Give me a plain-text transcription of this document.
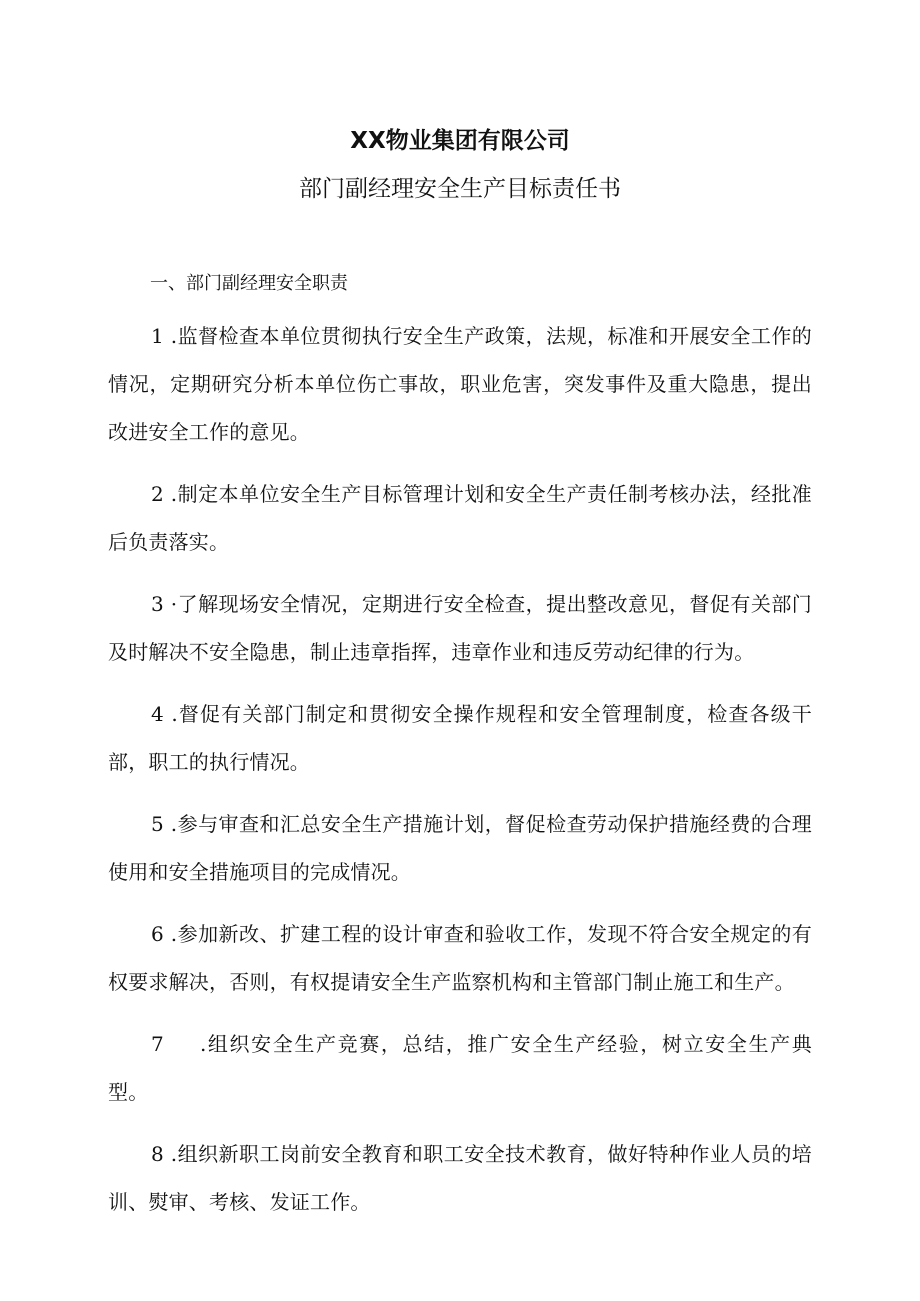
XX物业集团有限公司
部门副经理安全生产目标责任书
一、部门副经理安全职责

1 .监督检查本单位贯彻执行安全生产政策，法规，标准和开展安全工作的情况，定期研究分析本单位伤亡事故，职业危害，突发事件及重大隐患，提出改进安全工作的意见。

2 .制定本单位安全生产目标管理计划和安全生产责任制考核办法，经批准后负责落实。

3 ·了解现场安全情况，定期进行安全检查，提出整改意见，督促有关部门及时解决不安全隐患，制止违章指挥，违章作业和违反劳动纪律的行为。

4 .督促有关部门制定和贯彻安全操作规程和安全管理制度，检查各级干部，职工的执行情况。

5 .参与审查和汇总安全生产措施计划，督促检查劳动保护措施经费的合理使用和安全措施项目的完成情况。

6 .参加新改、扩建工程的设计审查和验收工作，发现不符合安全规定的有权要求解决，否则，有权提请安全生产监察机构和主管部门制止施工和生产。

7 .组织安全生产竞赛，总结，推广安全生产经验，树立安全生产典型。

8 .组织新职工岗前安全教育和职工安全技术教育，做好特种作业人员的培训、熨审、考核、发证工作。
